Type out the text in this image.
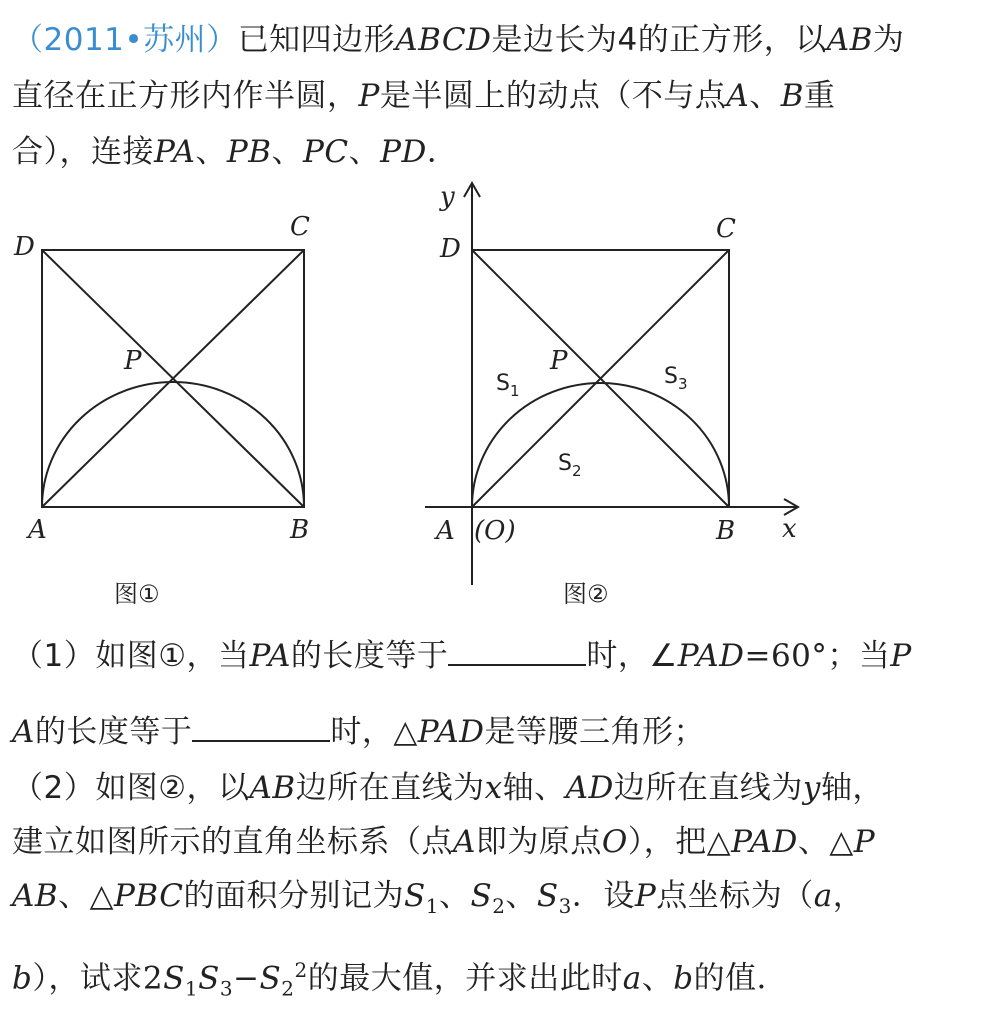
（2011•苏州）已知四边形ABCD是边长为4的正方形，以AB为
直径在正方形内作半圆，P是半圆上的动点（不与点A、B重
合），连接PA、PB、PC、PD．
D
C
P
A	B
图①
y
D
C
P
A (O)	B x
$S_1$
$S_2$
$S_3$
图②
（1）如图①，当PA的长度等于	时，∠PAD=60°；当P
A的长度等于	时，△PAD是等腰三角形；
（2）如图②，以AB边所在直线为x轴、AD边所在直线为y轴，
建立如图所示的直角坐标系（点A即为原点O），把△PAD、△P
AB、△PBC的面积分别记为$S_1$、$S_2$、$S_3$．设P点坐标为（a，
b），试求$2S_1S_3-S_2^2$的最大值，并求出此时a、b的值．
